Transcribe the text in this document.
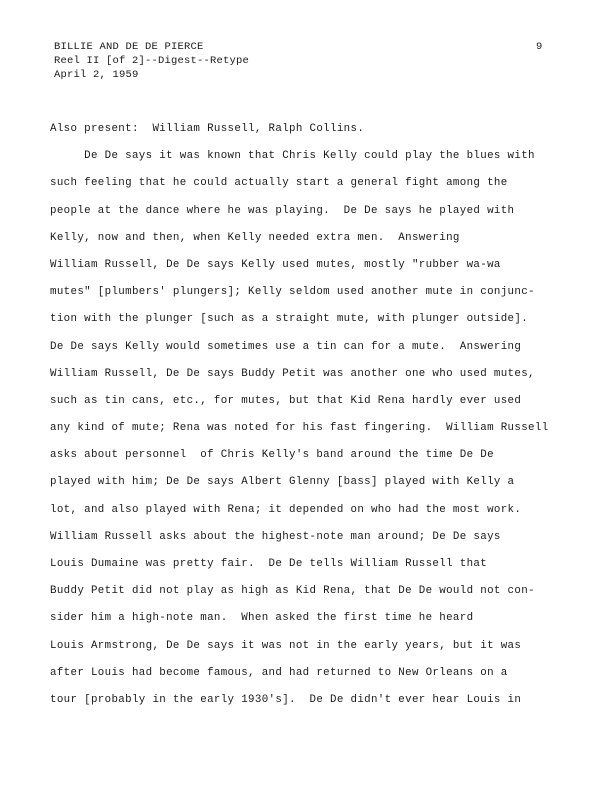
BILLIE AND DE DE PIERCE
Reel II [of 2]--Digest--Retype
April 2, 1959
9
Also present:  William Russell, Ralph Collins.
De De says it was known that Chris Kelly could play the blues with
such feeling that he could actually start a general fight among the
people at the dance where he was playing.  De De says he played with
Kelly, now and then, when Kelly needed extra men.  Answering
William Russell, De De says Kelly used mutes, mostly "rubber wa-wa
mutes" [plumbers' plungers]; Kelly seldom used another mute in conjunc-
tion with the plunger [such as a straight mute, with plunger outside].
De De says Kelly would sometimes use a tin can for a mute.  Answering
William Russell, De De says Buddy Petit was another one who used mutes,
such as tin cans, etc., for mutes, but that Kid Rena hardly ever used
any kind of mute; Rena was noted for his fast fingering.  William Russell
asks about personnel  of Chris Kelly's band around the time De De
played with him; De De says Albert Glenny [bass] played with Kelly a
lot, and also played with Rena; it depended on who had the most work.
William Russell asks about the highest-note man around; De De says
Louis Dumaine was pretty fair.  De De tells William Russell that
Buddy Petit did not play as high as Kid Rena, that De De would not con-
sider him a high-note man.  When asked the first time he heard
Louis Armstrong, De De says it was not in the early years, but it was
after Louis had become famous, and had returned to New Orleans on a
tour [probably in the early 1930's].  De De didn't ever hear Louis in
